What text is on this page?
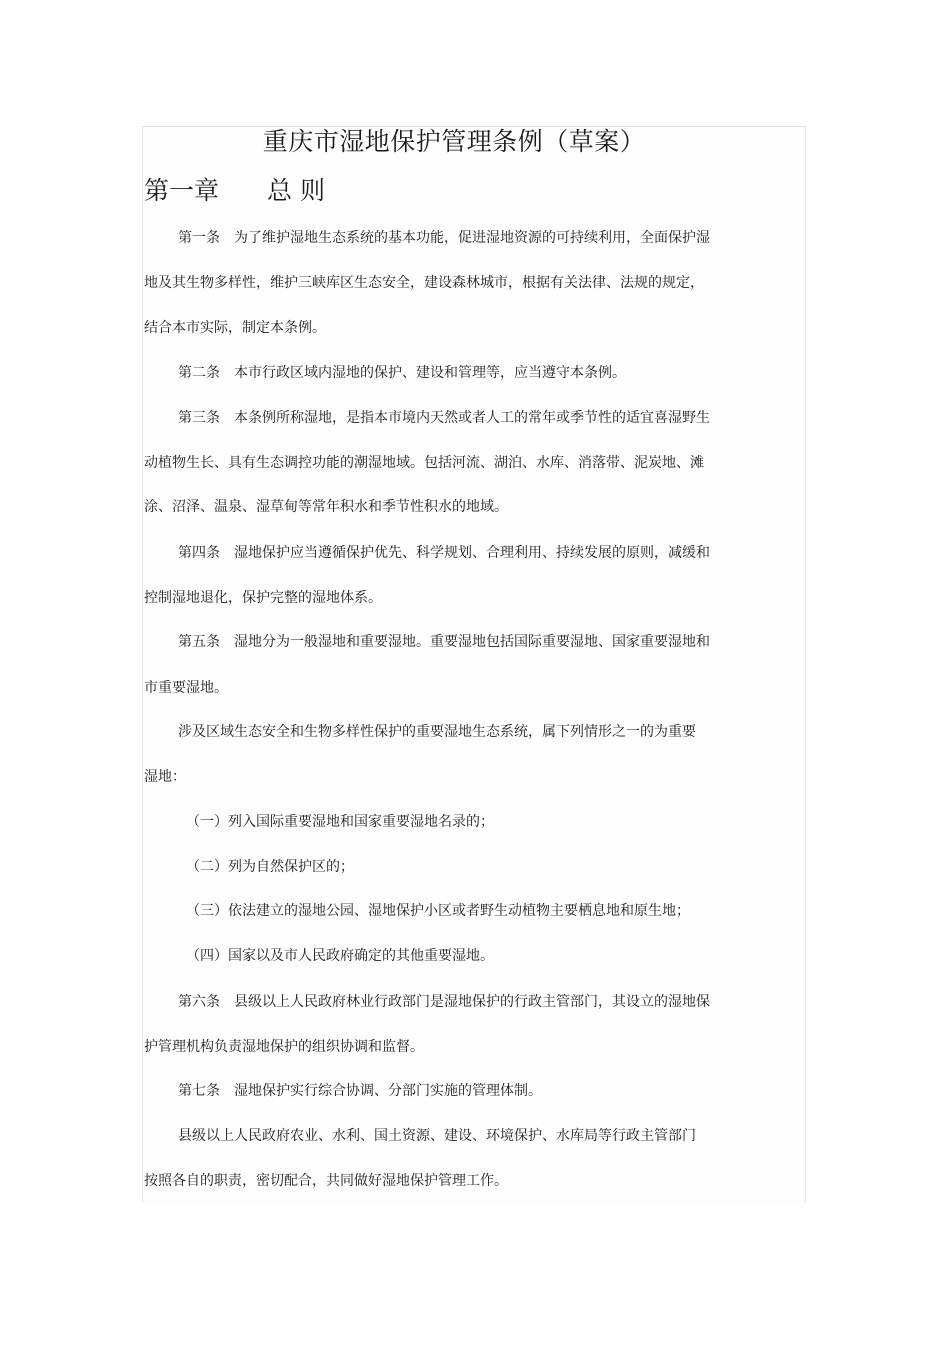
重庆市湿地保护管理条例（草案）
第一章 总 则
第一条　为了维护湿地生态系统的基本功能，促进湿地资源的可持续利用，全面保护湿
地及其生物多样性，维护三峡库区生态安全，建设森林城市，根据有关法律、法规的规定，
结合本市实际，制定本条例。
第二条　本市行政区域内湿地的保护、建设和管理等，应当遵守本条例。
第三条　本条例所称湿地，是指本市境内天然或者人工的常年或季节性的适宜喜湿野生
动植物生长、具有生态调控功能的潮湿地域。包括河流、湖泊、水库、消落带、泥炭地、滩
涂、沼泽、温泉、湿草甸等常年积水和季节性积水的地域。
第四条　湿地保护应当遵循保护优先、科学规划、合理利用、持续发展的原则，减缓和
控制湿地退化，保护完整的湿地体系。
第五条　湿地分为一般湿地和重要湿地。重要湿地包括国际重要湿地、国家重要湿地和
市重要湿地。
涉及区域生态安全和生物多样性保护的重要湿地生态系统，属下列情形之一的为重要
湿地：
（一）列入国际重要湿地和国家重要湿地名录的；
（二）列为自然保护区的；
（三）依法建立的湿地公园、湿地保护小区或者野生动植物主要栖息地和原生地；
（四）国家以及市人民政府确定的其他重要湿地。
第六条　县级以上人民政府林业行政部门是湿地保护的行政主管部门，其设立的湿地保
护管理机构负责湿地保护的组织协调和监督。
第七条　湿地保护实行综合协调、分部门实施的管理体制。
县级以上人民政府农业、水利、国土资源、建设、环境保护、水库局等行政主管部门
按照各自的职责，密切配合，共同做好湿地保护管理工作。
